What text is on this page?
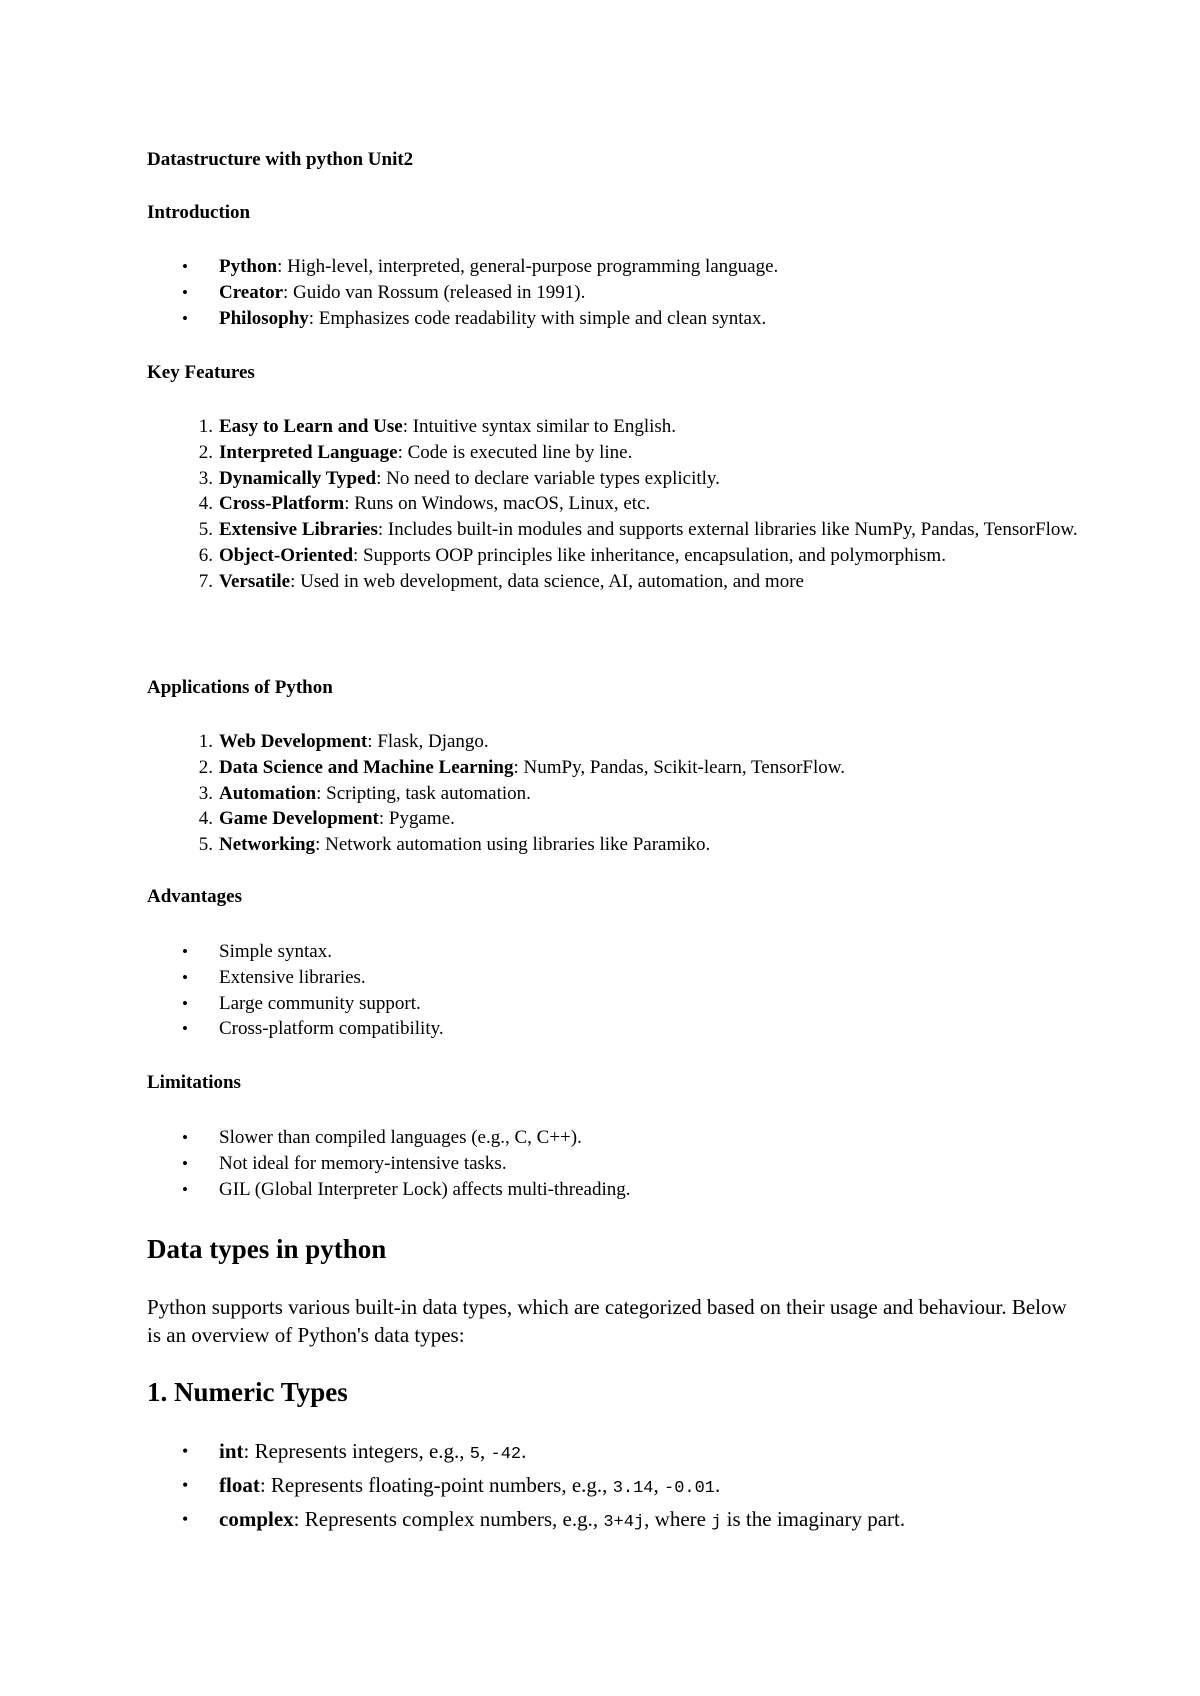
Datastructure with python Unit2

Introduction

• Python: High-level, interpreted, general-purpose programming language.
• Creator: Guido van Rossum (released in 1991).
• Philosophy: Emphasizes code readability with simple and clean syntax.

Key Features

1. Easy to Learn and Use: Intuitive syntax similar to English.
2. Interpreted Language: Code is executed line by line.
3. Dynamically Typed: No need to declare variable types explicitly.
4. Cross-Platform: Runs on Windows, macOS, Linux, etc.
5. Extensive Libraries: Includes built-in modules and supports external libraries like NumPy, Pandas, TensorFlow.
6. Object-Oriented: Supports OOP principles like inheritance, encapsulation, and polymorphism.
7. Versatile: Used in web development, data science, AI, automation, and more

Applications of Python

1. Web Development: Flask, Django.
2. Data Science and Machine Learning: NumPy, Pandas, Scikit-learn, TensorFlow.
3. Automation: Scripting, task automation.
4. Game Development: Pygame.
5. Networking: Network automation using libraries like Paramiko.

Advantages

• Simple syntax.
• Extensive libraries.
• Large community support.
• Cross-platform compatibility.

Limitations

• Slower than compiled languages (e.g., C, C++).
• Not ideal for memory-intensive tasks.
• GIL (Global Interpreter Lock) affects multi-threading.

Data types in python

Python supports various built-in data types, which are categorized based on their usage and behaviour. Below is an overview of Python's data types:

1. Numeric Types

• int: Represents integers, e.g., 5, -42.
• float: Represents floating-point numbers, e.g., 3.14, -0.01.
• complex: Represents complex numbers, e.g., 3+4j, where j is the imaginary part.
